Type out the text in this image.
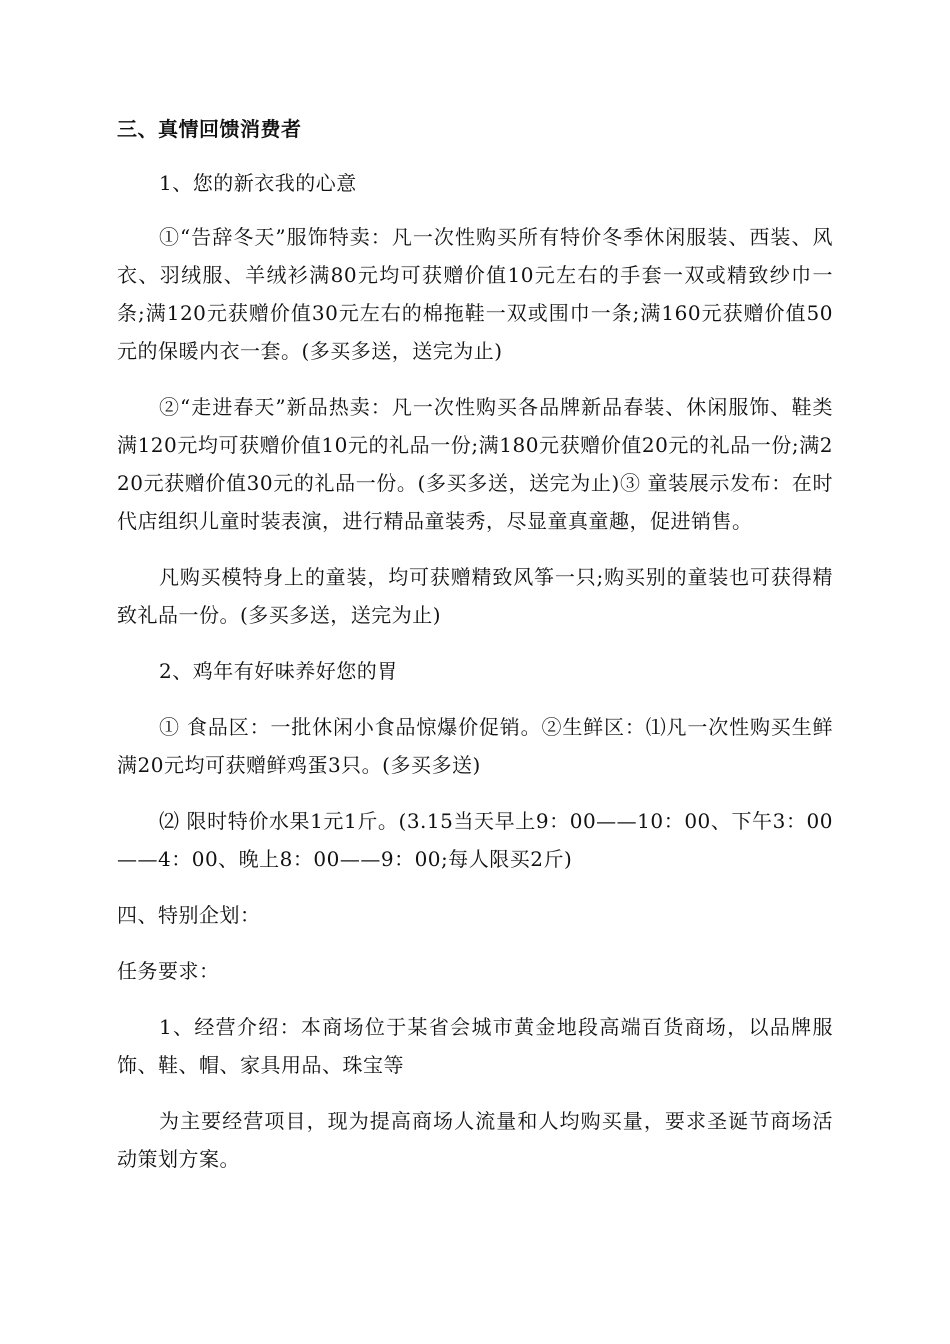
三、真情回馈消费者

1、您的新衣我的心意

①“告辞冬天”服饰特卖：凡一次性购买所有特价冬季休闲服装、西装、风衣、羽绒服、羊绒衫满80元均可获赠价值10元左右的手套一双或精致纱巾一条;满120元获赠价值30元左右的棉拖鞋一双或围巾一条;满160元获赠价值50元的保暖内衣一套。(多买多送，送完为止)

②“走进春天”新品热卖：凡一次性购买各品牌新品春装、休闲服饰、鞋类满120元均可获赠价值10元的礼品一份;满180元获赠价值20元的礼品一份;满220元获赠价值30元的礼品一份。(多买多送，送完为止)③ 童装展示发布：在时代店组织儿童时装表演，进行精品童装秀，尽显童真童趣，促进销售。

凡购买模特身上的童装，均可获赠精致风筝一只;购买别的童装也可获得精致礼品一份。(多买多送，送完为止)

2、鸡年有好味养好您的胃

① 食品区：一批休闲小食品惊爆价促销。②生鲜区：⑴凡一次性购买生鲜满20元均可获赠鲜鸡蛋3只。(多买多送)

⑵ 限时特价水果1元1斤。(3.15当天早上9：00——10：00、下午3：00——4：00、晚上8：00——9：00;每人限买2斤)

四、特别企划：

任务要求：

1、经营介绍：本商场位于某省会城市黄金地段高端百货商场，以品牌服饰、鞋、帽、家具用品、珠宝等

为主要经营项目，现为提高商场人流量和人均购买量，要求圣诞节商场活动策划方案。
